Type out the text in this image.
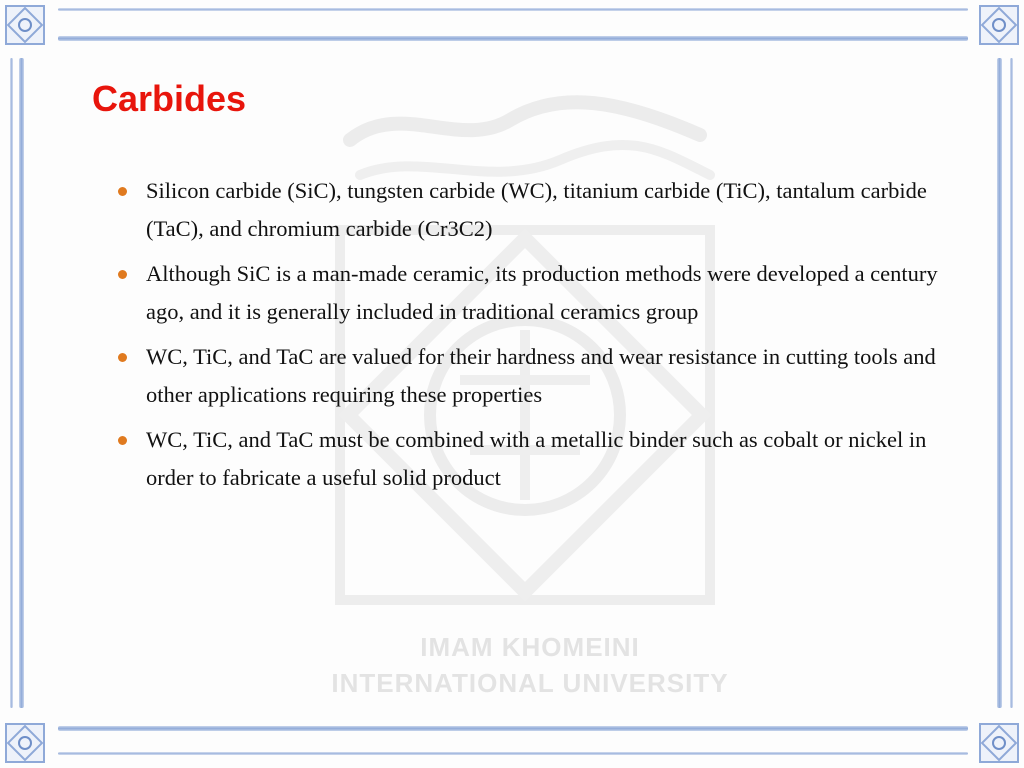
IMAM KHOMEINI
INTERNATIONAL UNIVERSITY
Carbides
Silicon carbide (SiC), tungsten carbide (WC), titanium carbide (TiC), tantalum carbide (TaC), and chromium carbide (Cr3C2)
Although SiC is a man-made ceramic, its production methods were developed a century ago, and it is generally included in traditional ceramics group
WC, TiC, and TaC are valued for their hardness and wear resistance in cutting tools and other applications requiring these properties
WC, TiC, and TaC must be combined with a metallic binder such as cobalt or nickel in order to fabricate a useful solid product
